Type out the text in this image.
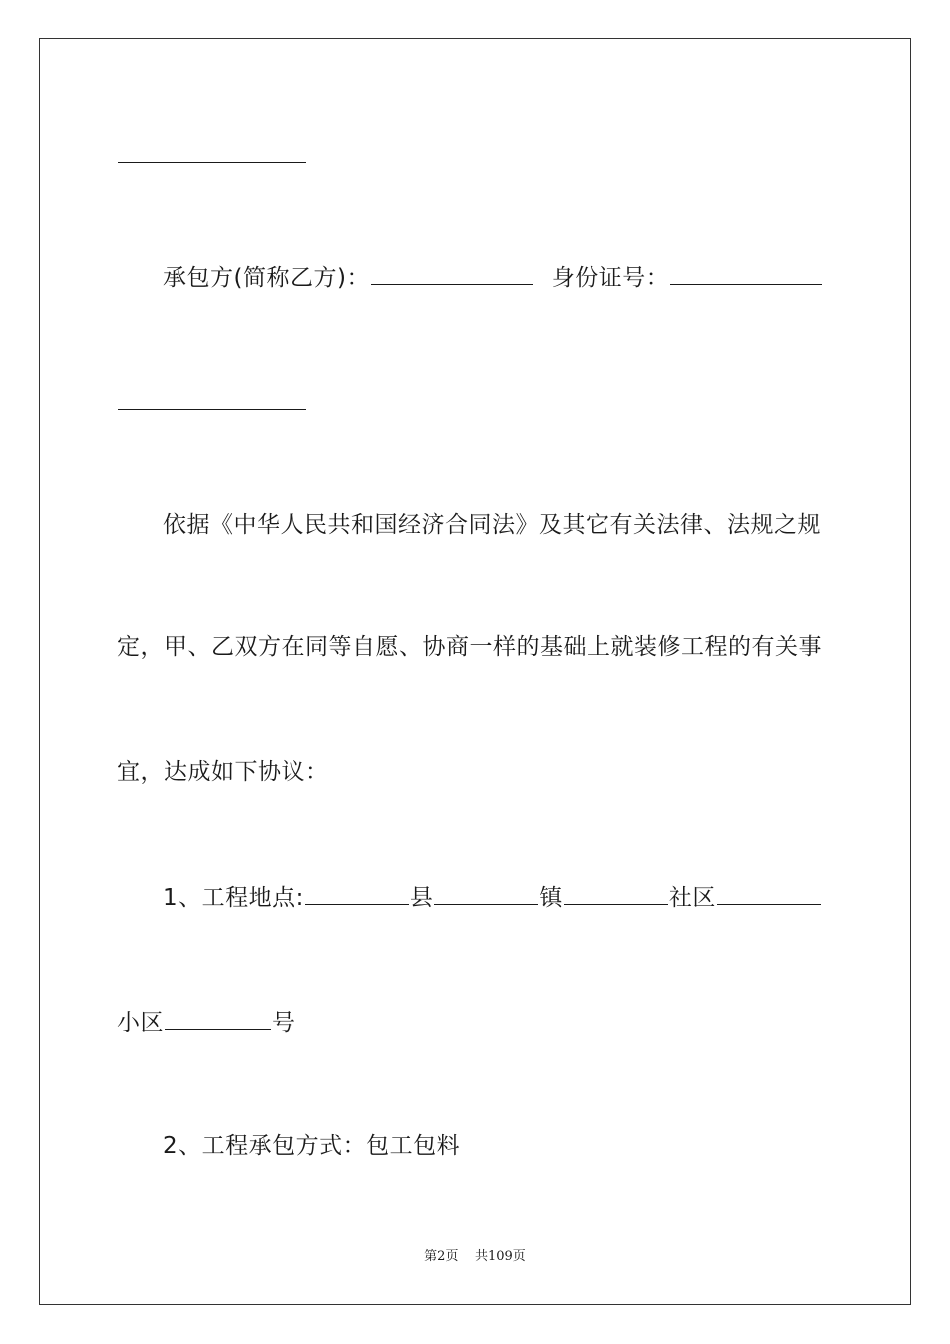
承包方(简称乙方)：	身份证号：
依据《中华人民共和国经济合同法》及其它有关法律、法规之规
定，甲、乙双方在同等自愿、协商一样的基础上就装修工程的有关事
宜，达成如下协议：
1、工程地点:	县	镇	社区
小区	号
2、工程承包方式：包工包料
第2页 共109页
